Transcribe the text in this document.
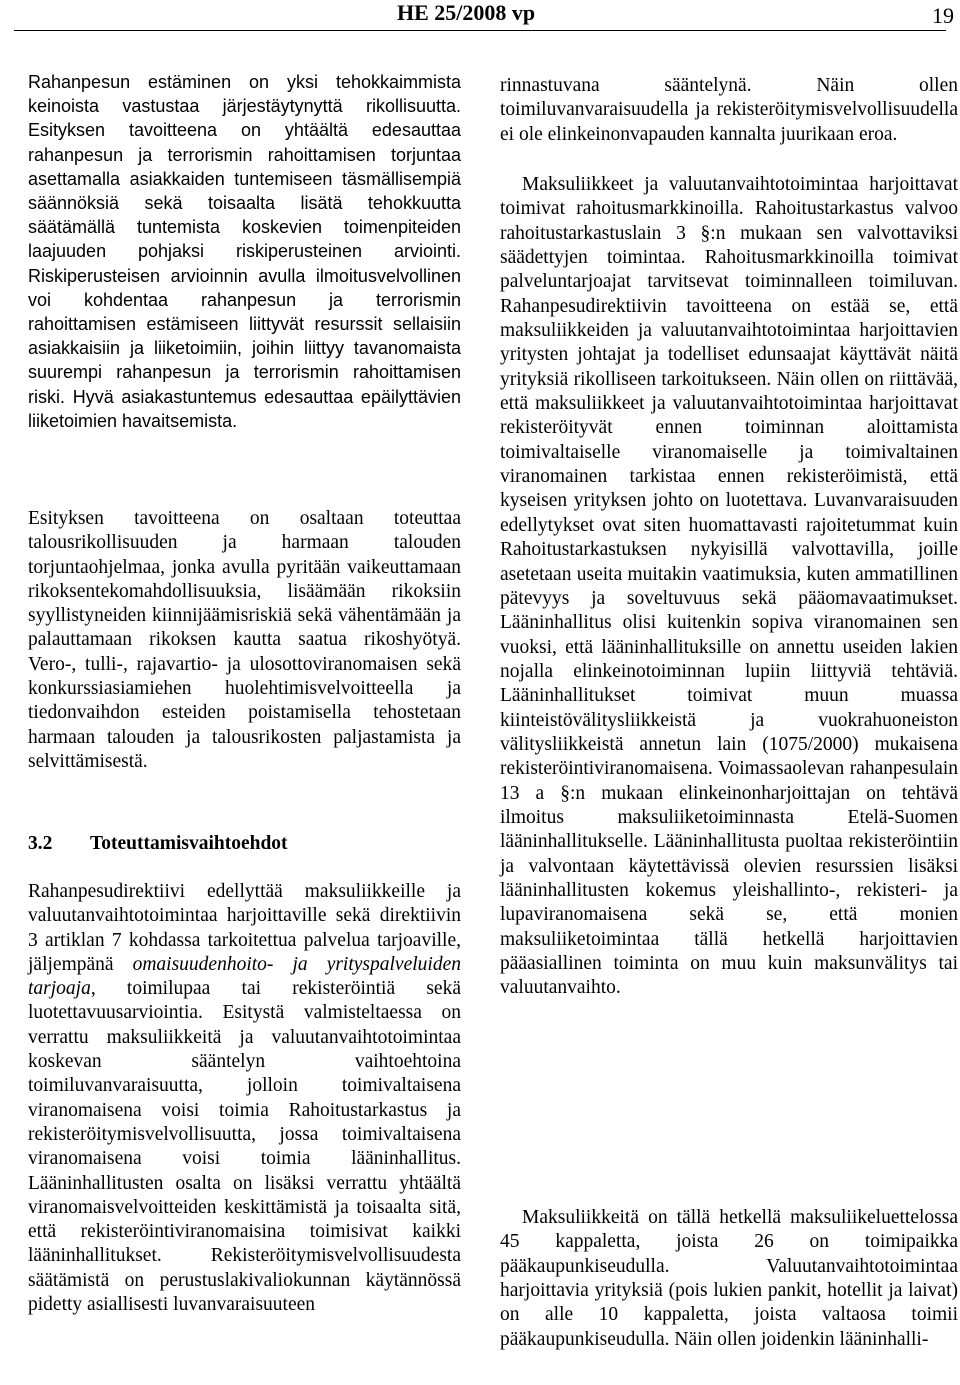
HE 25/2008 vp	19

Rahanpesun estäminen on yksi tehokkaimmista keinoista vastustaa järjestäytynyttä rikollisuutta. Esityksen tavoitteena on yhtäältä edesauttaa rahanpesun ja terrorismin rahoittamisen torjuntaa asettamalla asiakkaiden tuntemiseen täsmällisempiä säännöksiä sekä toisaalta lisätä tehokkuutta säätämällä tuntemista koskevien toimenpiteiden laajuuden pohjaksi riskiperusteinen arviointi. Riskiperusteisen arvioinnin avulla ilmoitusvelvollinen voi kohdentaa rahanpesun ja terrorismin rahoittamisen estämiseen liittyvät resurssit sellaisiin asiakkaisiin ja liiketoimiin, joihin liittyy tavanomaista suurempi rahanpesun ja terrorismin rahoittamisen riski. Hyvä asiakastuntemus edesauttaa epäilyttävien liiketoimien havaitsemista.

Esityksen tavoitteena on osaltaan toteuttaa talousrikollisuuden ja harmaan talouden torjuntaohjelmaa, jonka avulla pyritään vaikeuttamaan rikoksentekomahdollisuuksia, lisäämään rikoksiin syyllistyneiden kiinnijäämisriskiä sekä vähentämään ja palauttamaan rikoksen kautta saatua rikoshyötyä. Vero-, tulli-, rajavartio- ja ulosottoviranomaisen sekä konkurssiasiamiehen huolehtimisvelvoitteella ja tiedonvaihdon esteiden poistamisella tehostetaan harmaan talouden ja talousrikosten paljastamista ja selvittämisestä.

3.2 Toteuttamisvaihtoehdot

Rahanpesudirektiivi edellyttää maksuliikkeille ja valuutanvaihtotoimintaa harjoittaville sekä direktiivin 3 artiklan 7 kohdassa tarkoitettua palvelua tarjoaville, jäljempänä omaisuudenhoito- ja yrityspalveluiden tarjoaja, toimilupaa tai rekisteröintiä sekä luotettavuusarviointia. Esitystä valmisteltaessa on verrattu maksuliikkeitä ja valuutanvaihtotoimintaa koskevan sääntelyn vaihtoehtoina toimiluvanvaraisuutta, jolloin toimivaltaisena viranomaisena voisi toimia Rahoitustarkastus ja rekisteröitymisvelvollisuutta, jossa toimivaltaisena viranomaisena voisi toimia lääninhallitus. Lääninhallitusten osalta on lisäksi verrattu yhtäältä viranomaisvelvoitteiden keskittämistä ja toisaalta sitä, että rekisteröintiviranomaisina toimisivat kaikki lääninhallitukset. Rekisteröitymisvelvollisuudesta säätämistä on perustuslakivaliokunnan käytännössä pidetty asiallisesti luvanvaraisuuteen

rinnastuvana sääntelynä. Näin ollen toimiluvanvaraisuudella ja rekisteröitymisvelvollisuudella ei ole elinkeinonvapauden kannalta juurikaan eroa.

Maksuliikkeet ja valuutanvaihtotoimintaa harjoittavat toimivat rahoitusmarkkinoilla. Rahoitustarkastus valvoo rahoitustarkastuslain 3 §:n mukaan sen valvottaviksi säädettyjen toimintaa. Rahoitusmarkkinoilla toimivat palveluntarjoajat tarvitsevat toiminnalleen toimiluvan. Rahanpesudirektiivin tavoitteena on estää se, että maksuliikkeiden ja valuutanvaihtotoimintaa harjoittavien yritysten johtajat ja todelliset edunsaajat käyttävät näitä yrityksiä rikolliseen tarkoitukseen. Näin ollen on riittävää, että maksuliikkeet ja valuutanvaihtotoimintaa harjoittavat rekisteröityvät ennen toiminnan aloittamista toimivaltaiselle viranomaiselle ja toimivaltainen viranomainen tarkistaa ennen rekisteröimistä, että kyseisen yrityksen johto on luotettava. Luvanvaraisuuden edellytykset ovat siten huomattavasti rajoitetummat kuin Rahoitustarkastuksen nykyisillä valvottavilla, joille asetetaan useita muitakin vaatimuksia, kuten ammatillinen pätevyys ja soveltuvuus sekä pääomavaatimukset. Lääninhallitus olisi kuitenkin sopiva viranomainen sen vuoksi, että lääninhallituksille on annettu useiden lakien nojalla elinkeinotoiminnan lupiin liittyviä tehtäviä. Lääninhallitukset toimivat muun muassa kiinteistövälitysliikkeistä ja vuokrahuoneiston välitysliikkeistä annetun lain (1075/2000) mukaisena rekisteröintiviranomaisena. Voimassaolevan rahanpesulain 13 a §:n mukaan elinkeinonharjoittajan on tehtävä ilmoitus maksuliiketoiminnasta Etelä-Suomen lääninhallitukselle. Lääninhallitusta puoltaa rekisteröintiin ja valvontaan käytettävissä olevien resurssien lisäksi lääninhallitusten kokemus yleishallinto-, rekisteri- ja lupaviranomaisena sekä se, että monien maksuliiketoimintaa tällä hetkellä harjoittavien pääasiallinen toiminta on muu kuin maksunvälitys tai valuutanvaihto.

Maksuliikkeitä on tällä hetkellä maksuliikeluettelossa 45 kappaletta, joista 26 on toimipaikka pääkaupunkiseudulla. Valuutanvaihtotoimintaa harjoittavia yrityksiä (pois lukien pankit, hotellit ja laivat) on alle 10 kappaletta, joista valtaosa toimii pääkaupunkiseudulla. Näin ollen joidenkin lääninhalli-
